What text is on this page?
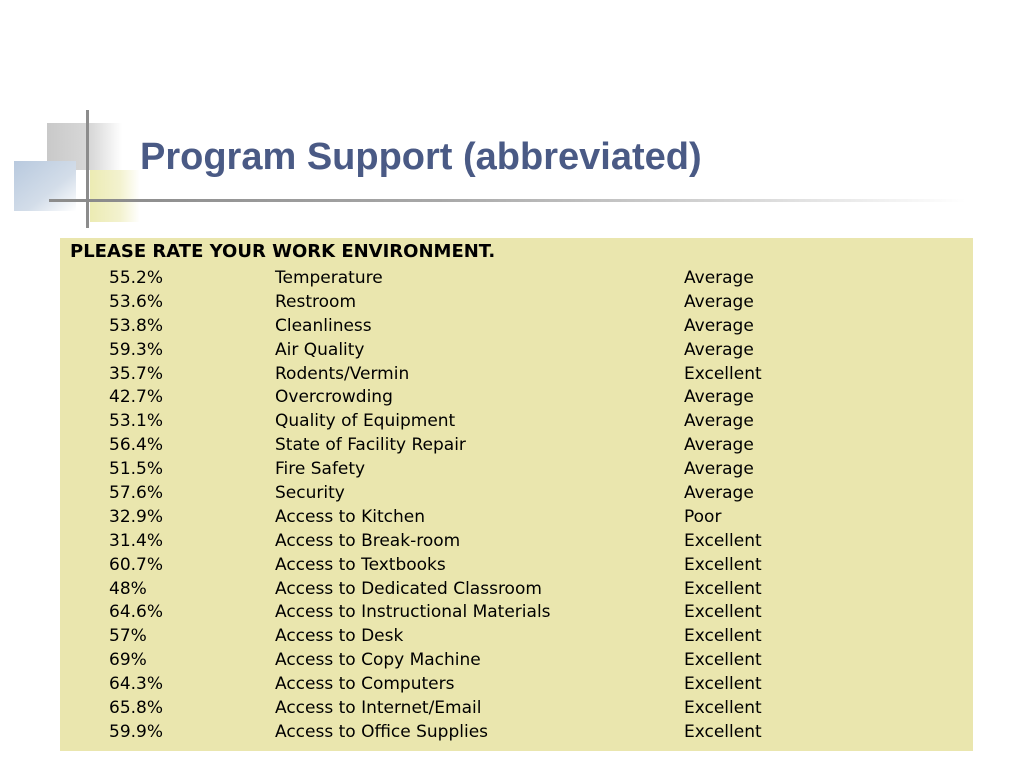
Program Support (abbreviated)
PLEASE RATE YOUR WORK ENVIRONMENT.
55.2%	Temperature	Average
53.6%	Restroom	Average
53.8%	Cleanliness	Average
59.3%	Air Quality	Average
35.7%	Rodents/Vermin	Excellent
42.7%	Overcrowding	Average
53.1%	Quality of Equipment	Average
56.4%	State of Facility Repair	Average
51.5%	Fire Safety	Average
57.6%	Security	Average
32.9%	Access to Kitchen	Poor
31.4%	Access to Break-room	Excellent
60.7%	Access to Textbooks	Excellent
48%	Access to Dedicated Classroom	Excellent
64.6%	Access to Instructional Materials	Excellent
57%	Access to Desk	Excellent
69%	Access to Copy Machine	Excellent
64.3%	Access to Computers	Excellent
65.8%	Access to Internet/Email	Excellent
59.9%	Access to Office Supplies	Excellent
